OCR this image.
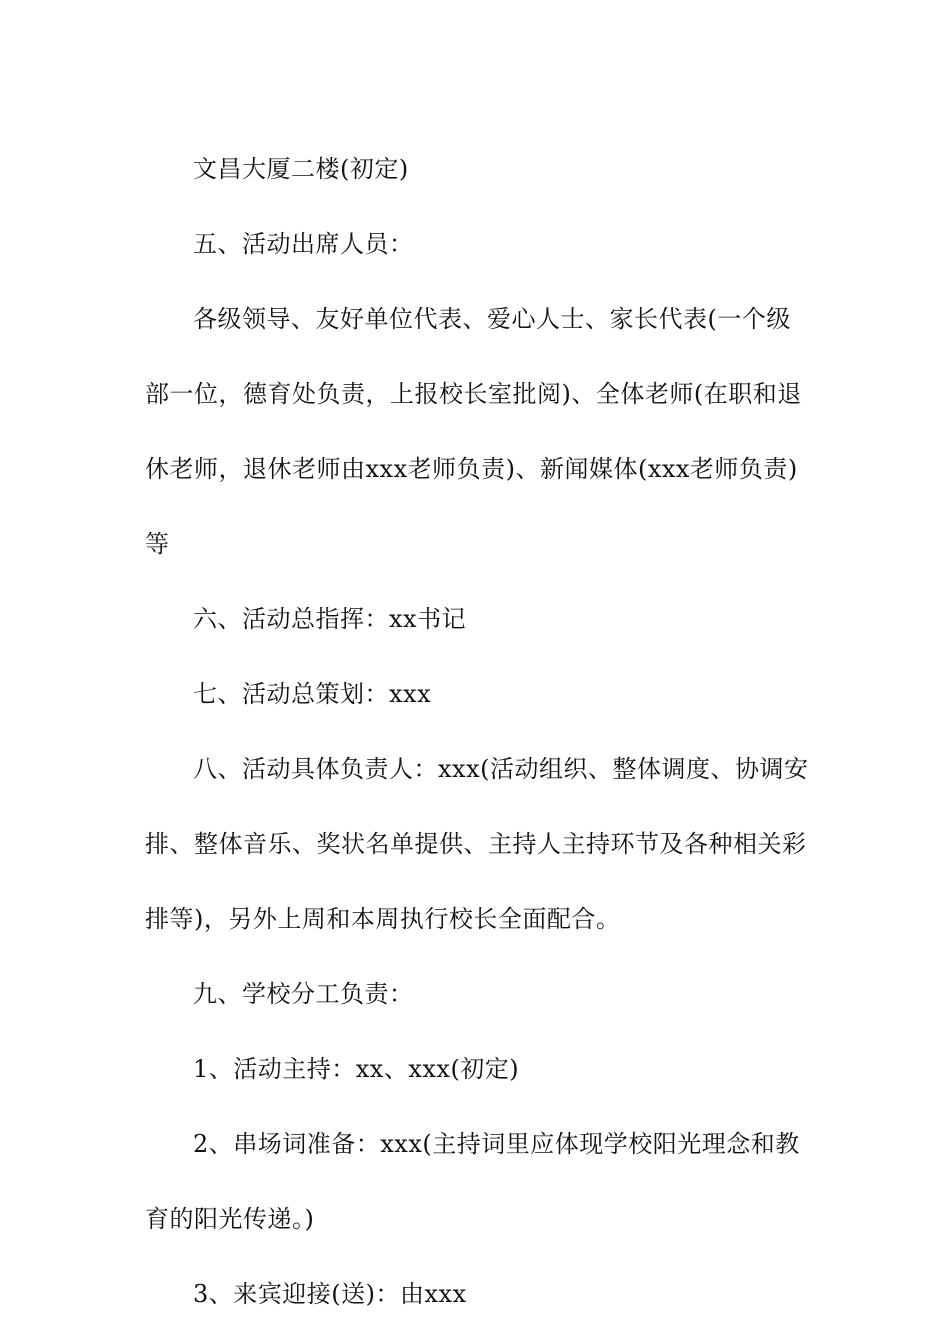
文昌大厦二楼(初定)

五、活动出席人员：

各级领导、友好单位代表、爱心人士、家长代表(一个级部一位，德育处负责，上报校长室批阅)、全体老师(在职和退休老师，退休老师由xxx老师负责)、新闻媒体(xxx老师负责)等

六、活动总指挥：xx书记

七、活动总策划：xxx

八、活动具体负责人：xxx(活动组织、整体调度、协调安排、整体音乐、奖状名单提供、主持人主持环节及各种相关彩排等)，另外上周和本周执行校长全面配合。

九、学校分工负责：

1、活动主持：xx、xxx(初定)

2、串场词准备：xxx(主持词里应体现学校阳光理念和教育的阳光传递。)

3、来宾迎接(送)：由xxx
